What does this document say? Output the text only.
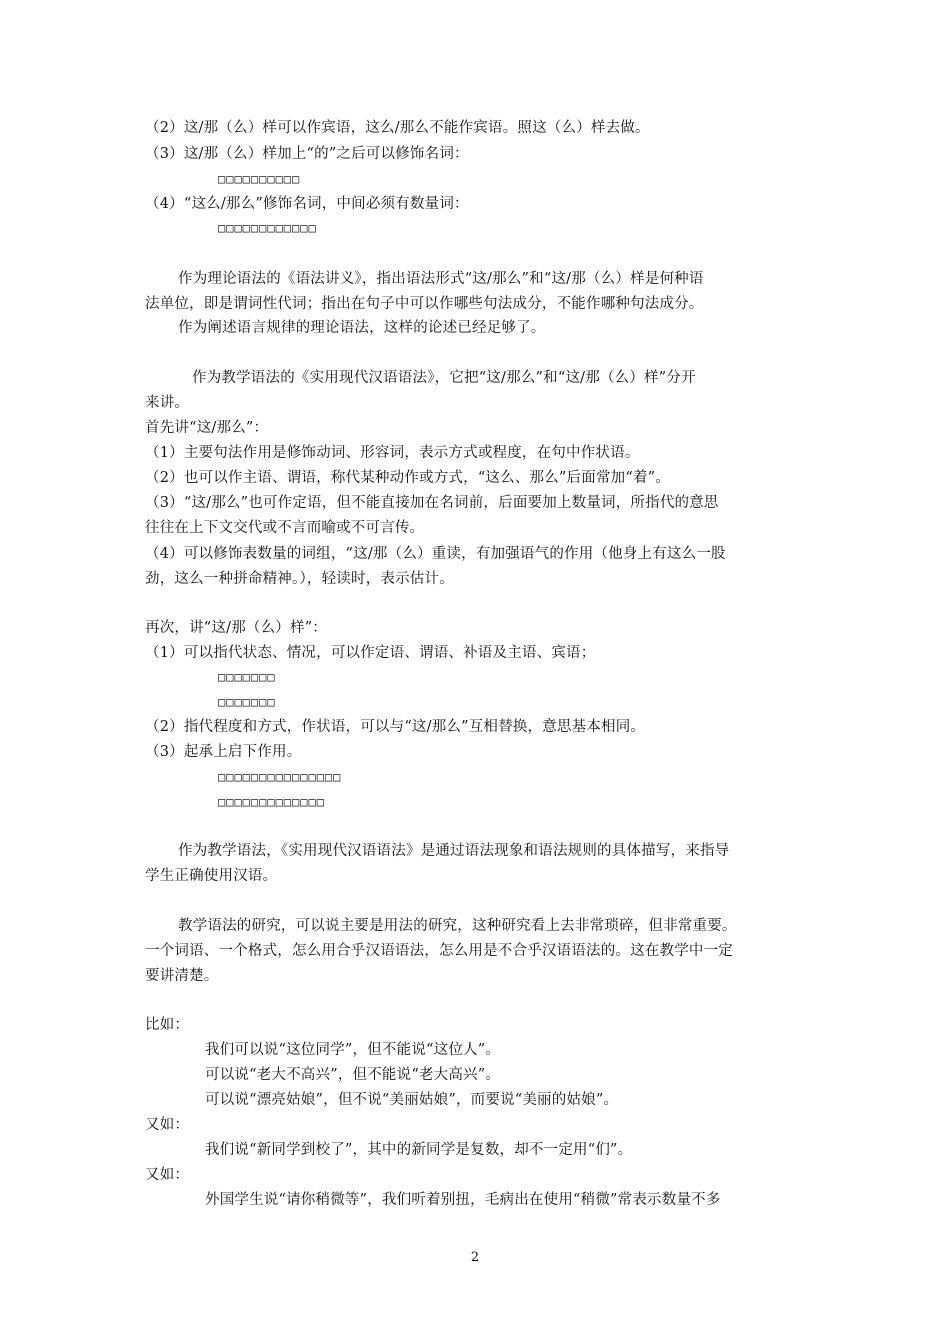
（2）这/那（么）样可以作宾语，这么/那么不能作宾语。照这（么）样去做。
（3）这/那（么）样加上“的”之后可以修饰名词：
□□□□□□□□□□
（4）“这么/那么”修饰名词，中间必须有数量词：
□□□□□□□□□□□□
作为理论语法的《语法讲义》，指出语法形式“这/那么”和“这/那（么）样是何种语
法单位，即是谓词性代词；指出在句子中可以作哪些句法成分，不能作哪种句法成分。
作为阐述语言规律的理论语法，这样的论述已经足够了。
作为教学语法的《实用现代汉语语法》，它把“这/那么”和“这/那（么）样”分开
来讲。
首先讲“这/那么”：
（1）主要句法作用是修饰动词、形容词，表示方式或程度，在句中作状语。
（2）也可以作主语、谓语，称代某种动作或方式，“这么、那么”后面常加“着”。
（3）“这/那么”也可作定语，但不能直接加在名词前，后面要加上数量词，所指代的意思
往往在上下文交代或不言而喻或不可言传。
（4）可以修饰表数量的词组，“这/那（么）重读，有加强语气的作用（他身上有这么一股
劲，这么一种拼命精神。），轻读时，表示估计。
再次，讲“这/那（么）样”：
（1）可以指代状态、情况，可以作定语、谓语、补语及主语、宾语；
□□□□□□□
□□□□□□□
（2）指代程度和方式，作状语，可以与“这/那么”互相替换，意思基本相同。
（3）起承上启下作用。
□□□□□□□□□□□□□□□
□□□□□□□□□□□□□
作为教学语法，《实用现代汉语语法》是通过语法现象和语法规则的具体描写，来指导
学生正确使用汉语。
教学语法的研究，可以说主要是用法的研究，这种研究看上去非常琐碎，但非常重要。
一个词语、一个格式，怎么用合乎汉语语法，怎么用是不合乎汉语语法的。这在教学中一定
要讲清楚。
比如：
我们可以说“这位同学”，但不能说“这位人”。
可以说“老大不高兴”，但不能说“老大高兴”。
可以说“漂亮姑娘”，但不说“美丽姑娘”，而要说“美丽的姑娘”。
又如：
我们说“新同学到校了”，其中的新同学是复数，却不一定用“们”。
又如：
外国学生说“请你稍微等”，我们听着别扭，毛病出在使用“稍微”常表示数量不多
2
